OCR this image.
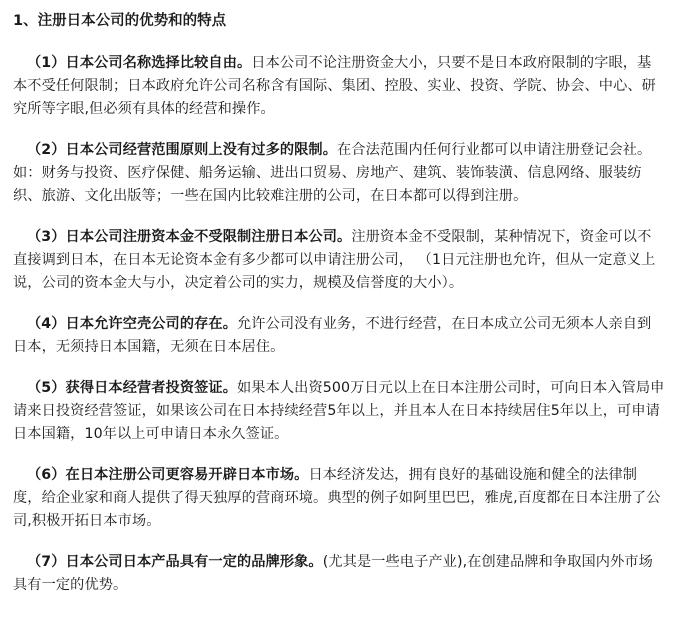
1、注册日本公司的优势和的特点

（1）日本公司名称选择比较自由。日本公司不论注册资金大小，只要不是日本政府限制的字眼，基本不受任何限制；日本政府允许公司名称含有国际、集团、控股、实业、投资、学院、协会、中心、研究所等字眼,但必须有具体的经营和操作。

（2）日本公司经营范围原则上没有过多的限制。在合法范围内任何行业都可以申请注册登记会社。如：财务与投资、医疗保健、船务运输、进出口贸易、房地产、建筑、装饰装潢、信息网络、服装纺织、旅游、文化出版等；一些在国内比较难注册的公司，在日本都可以得到注册。

（3）日本公司注册资本金不受限制注册日本公司。注册资本金不受限制，某种情况下，资金可以不直接调到日本，在日本无论资本金有多少都可以申请注册公司， （1日元注册也允许，但从一定意义上说，公司的资本金大与小，决定着公司的实力，规模及信誉度的大小）。

（4）日本允许空壳公司的存在。允许公司没有业务，不进行经营，在日本成立公司无须本人亲自到日本，无须持日本国籍，无须在日本居住。

（5）获得日本经营者投资签证。如果本人出资500万日元以上在日本注册公司时，可向日本入管局申请来日投资经营签证，如果该公司在日本持续经营5年以上，并且本人在日本持续居住5年以上，可申请日本国籍，10年以上可申请日本永久签证。

（6）在日本注册公司更容易开辟日本市场。日本经济发达，拥有良好的基础设施和健全的法律制度，给企业家和商人提供了得天独厚的营商环境。典型的例子如阿里巴巴，雅虎,百度都在日本注册了公司,积极开拓日本市场。

（7）日本公司日本产品具有一定的品牌形象。(尤其是一些电子产业),在创建品牌和争取国内外市场具有一定的优势。
